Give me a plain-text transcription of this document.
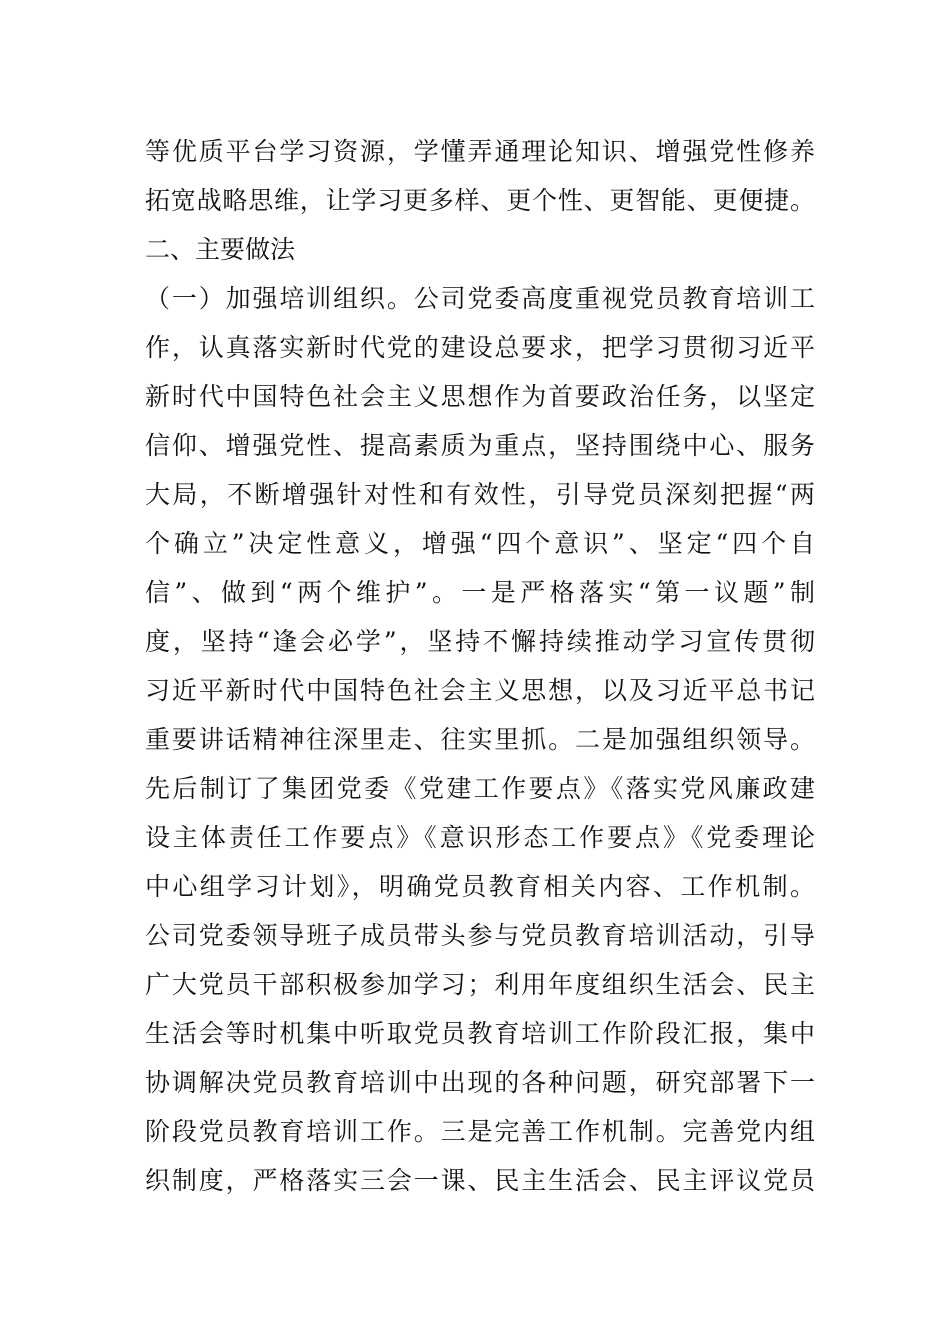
等优质平台学习资源，学懂弄通理论知识、增强党性修养
拓宽战略思维，让学习更多样、更个性、更智能、更便捷。
二、主要做法
（一）加强培训组织。公司党委高度重视党员教育培训工
作，认真落实新时代党的建设总要求，把学习贯彻习近平
新时代中国特色社会主义思想作为首要政治任务，以坚定
信仰、增强党性、提高素质为重点，坚持围绕中心、服务
大局，不断增强针对性和有效性，引导党员深刻把握“两
个确立”决定性意义，增强“四个意识”、坚定“四个自
信”、做到“两个维护”。一是严格落实“第一议题”制
度，坚持“逢会必学”，坚持不懈持续推动学习宣传贯彻
习近平新时代中国特色社会主义思想，以及习近平总书记
重要讲话精神往深里走、往实里抓。二是加强组织领导。
先后制订了集团党委《党建工作要点》《落实党风廉政建
设主体责任工作要点》《意识形态工作要点》《党委理论
中心组学习计划》，明确党员教育相关内容、工作机制。
公司党委领导班子成员带头参与党员教育培训活动，引导
广大党员干部积极参加学习；利用年度组织生活会、民主
生活会等时机集中听取党员教育培训工作阶段汇报，集中
协调解决党员教育培训中出现的各种问题，研究部署下一
阶段党员教育培训工作。三是完善工作机制。完善党内组
织制度，严格落实三会一课、民主生活会、民主评议党员
